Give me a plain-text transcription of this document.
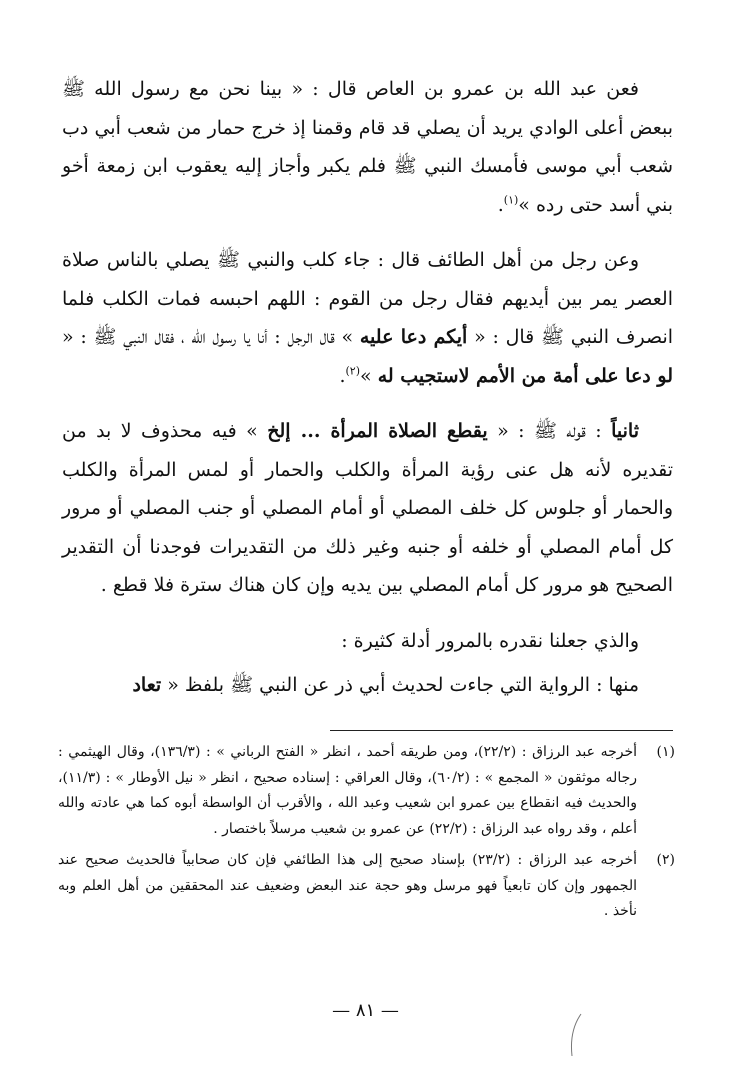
فعن عبد الله بن عمرو بن العاص قال : « بينا نحن مع رسول الله ﷺ ببعض أعلى الوادي يريد أن يصلي قد قام وقمنا إذ خرج حمار من شعب أبي دب شعب أبي موسى فأمسك النبي ﷺ فلم يكبر وأجاز إليه يعقوب ابن زمعة أخو بني أسد حتى رده »$^{(١)}$.

وعن رجل من أهل الطائف قال : جاء كلب والنبي ﷺ يصلي بالناس صلاة العصر يمر بين أيديهم فقال رجل من القوم : اللهم احبسه فمات الكلب فلما انصرف النبي ﷺ قال : « أيكم دعا عليه » قال الرجل : أنا يا رسول الله ، فقال النبي ﷺ : « لو دعا على أمة من الأمم لاستجيب له »$^{(٢)}$.

ثانياً : قوله ﷺ : « يقطع الصلاة المرأة ... إلخ » فيه محذوف لا بد من تقديره لأنه هل عنى رؤية المرأة والكلب والحمار أو لمس المرأة والكلب والحمار أو جلوس كل خلف المصلي أو أمام المصلي أو جنب المصلي أو مرور كل أمام المصلي أو خلفه أو جنبه وغير ذلك من التقديرات فوجدنا أن التقدير الصحيح هو مرور كل أمام المصلي بين يديه وإن كان هناك سترة فلا قطع .

والذي جعلنا نقدره بالمرور أدلة كثيرة :

منها : الرواية التي جاءت لحديث أبي ذر عن النبي ﷺ بلفظ « تعاد

(١)
أخرجه عبد الرزاق : (٢٢/٢)، ومن طريقه أحمد ، انظر « الفتح الرباني » : (١٣٦/٣)، وقال الهيثمي : رجاله موثقون « المجمع » : (٦٠/٢)، وقال العراقي : إسناده صحيح ، انظر « نيل الأوطار » : (١١/٣)، والحديث فيه انقطاع بين عمرو ابن شعيب وعبد الله ، والأقرب أن الواسطة أبوه كما هي عادته والله أعلم ، وقد رواه عبد الرزاق : (٢٢/٢) عن عمرو بن شعيب مرسلاً باختصار .
(٢)
أخرجه عبد الرزاق : (٢٣/٢) بإسناد صحيح إلى هذا الطائفي فإن كان صحابياً فالحديث صحيح عند الجمهور وإن كان تابعياً فهو مرسل وهو حجة عند البعض وضعيف عند المحققين من أهل العلم وبه نأخذ .
— ٨١ —
